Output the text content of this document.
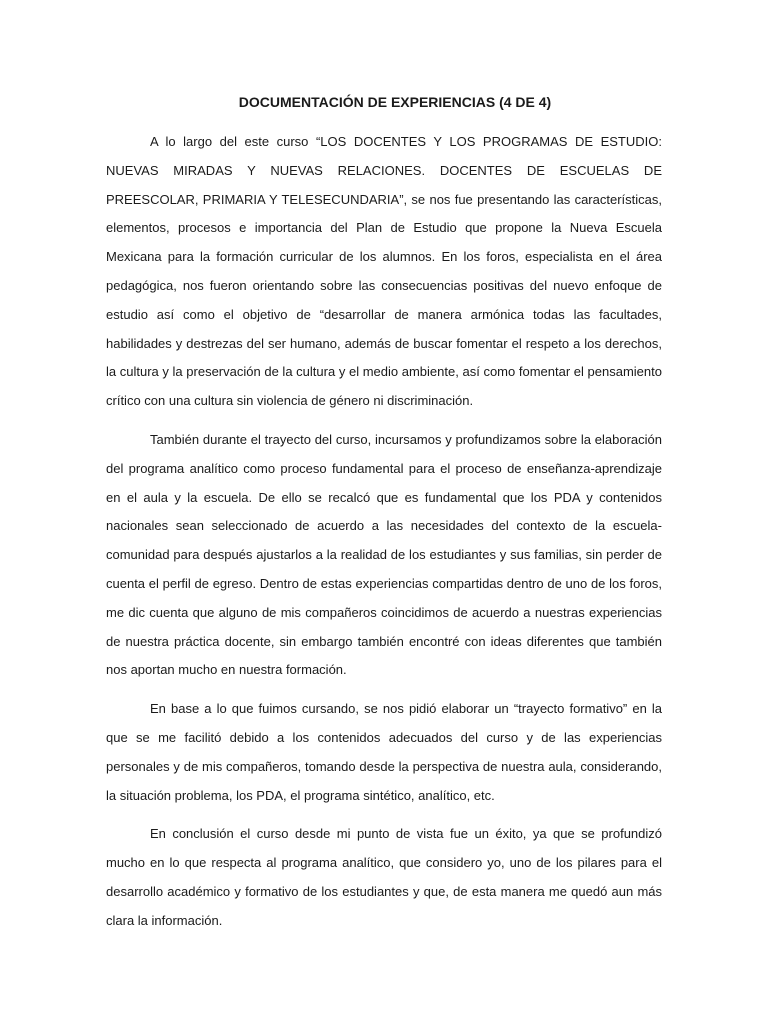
DOCUMENTACIÓN DE EXPERIENCIAS (4 DE 4)

A lo largo del este curso “LOS DOCENTES Y LOS PROGRAMAS DE ESTUDIO: NUEVAS MIRADAS Y NUEVAS RELACIONES. DOCENTES DE ESCUELAS DE PREESCOLAR, PRIMARIA Y TELESECUNDARIA”, se nos fue presentando las características, elementos, procesos e importancia del Plan de Estudio que propone la Nueva Escuela Mexicana para la formación curricular de los alumnos. En los foros, especialista en el área pedagógica, nos fueron orientando sobre las consecuencias positivas del nuevo enfoque de estudio así como el objetivo de “desarrollar de manera armónica todas las facultades, habilidades y destrezas del ser humano, además de buscar fomentar el respeto a los derechos, la cultura y la preservación de la cultura y el medio ambiente, así como fomentar el pensamiento crítico con una cultura sin violencia de género ni discriminación.

También durante el trayecto del curso, incursamos y profundizamos sobre la elaboración del programa analítico como proceso fundamental para el proceso de enseñanza-aprendizaje en el aula y la escuela. De ello se recalcó que es fundamental que los PDA y contenidos nacionales sean seleccionado de acuerdo a las necesidades del contexto de la escuela-comunidad para después ajustarlos a la realidad de los estudiantes y sus familias, sin perder de cuenta el perfil de egreso. Dentro de estas experiencias compartidas dentro de uno de los foros, me dic cuenta que alguno de mis compañeros coincidimos de acuerdo a nuestras experiencias de nuestra práctica docente, sin embargo también encontré con ideas diferentes que también nos aportan mucho en nuestra formación.

En base a lo que fuimos cursando, se nos pidió elaborar un “trayecto formativo” en la que se me facilitó debido a los contenidos adecuados del curso y de las experiencias personales y de mis compañeros, tomando desde la perspectiva de nuestra aula, considerando, la situación problema, los PDA, el programa sintético, analítico, etc.

En conclusión el curso desde mi punto de vista fue un éxito, ya que se profundizó mucho en lo que respecta al programa analítico, que considero yo, uno de los pilares para el desarrollo académico y formativo de los estudiantes y que, de esta manera me quedó aun más clara la información.
